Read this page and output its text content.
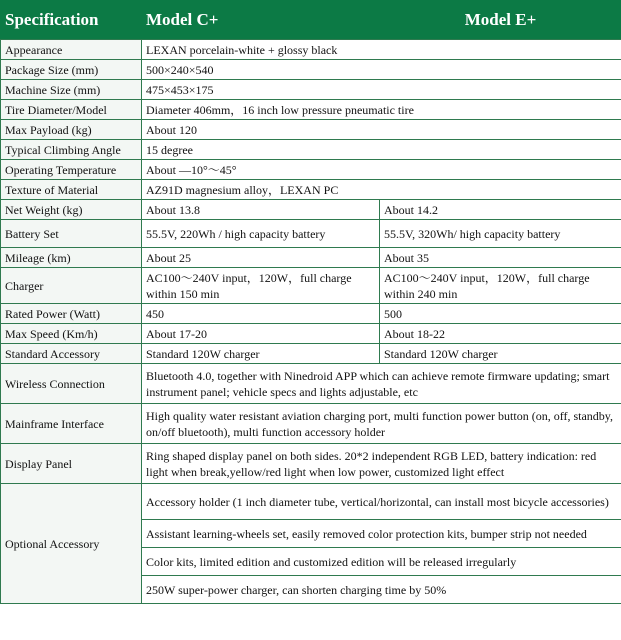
Specification	Model C+	Model E+
Appearance	LEXAN porcelain-white + glossy black	
Package Size (mm)	500×240×540	
Machine Size (mm)	475×453×175	
Tire Diameter/Model	Diameter 406mm，16 inch low pressure pneumatic tire	
Max Payload (kg)	About 120	
Typical Climbing Angle	15 degree	
Operating Temperature	About —10°～45°	
Texture of Material	AZ91D magnesium alloy，LEXAN PC	
Net Weight (kg)	About 13.8	About 14.2
Battery Set	55.5V, 220Wh / high capacity battery	55.5V, 320Wh/ high capacity battery
Mileage (km)	About 25	About 35
Charger	AC100～240V input，120W，full charge within 150 min	AC100～240V input，120W，full charge within 240 min
Rated Power (Watt)	450	500
Max Speed (Km/h)	About 17-20	About 18-22
Standard Accessory	Standard 120W charger	Standard 120W charger
Wireless Connection	Bluetooth 4.0, together with Ninedroid APP which can achieve remote firmware updating; smart instrument panel; vehicle specs and lights adjustable, etc	
Mainframe Interface	High quality water resistant aviation charging port, multi function power button (on, off, standby, on/off bluetooth), multi function accessory holder	
Display Panel	Ring shaped display panel on both sides. 20*2 independent RGB LED, battery indication: red light when break,yellow/red light when low power, customized light effect	
Optional Accessory	Accessory holder (1 inch diameter tube, vertical/horizontal, can install most bicycle accessories)	
	Assistant learning-wheels set, easily removed color protection kits, bumper strip not needed	
	Color kits, limited edition and customized edition will be released irregularly	
	250W super-power charger, can shorten charging time by 50%	
